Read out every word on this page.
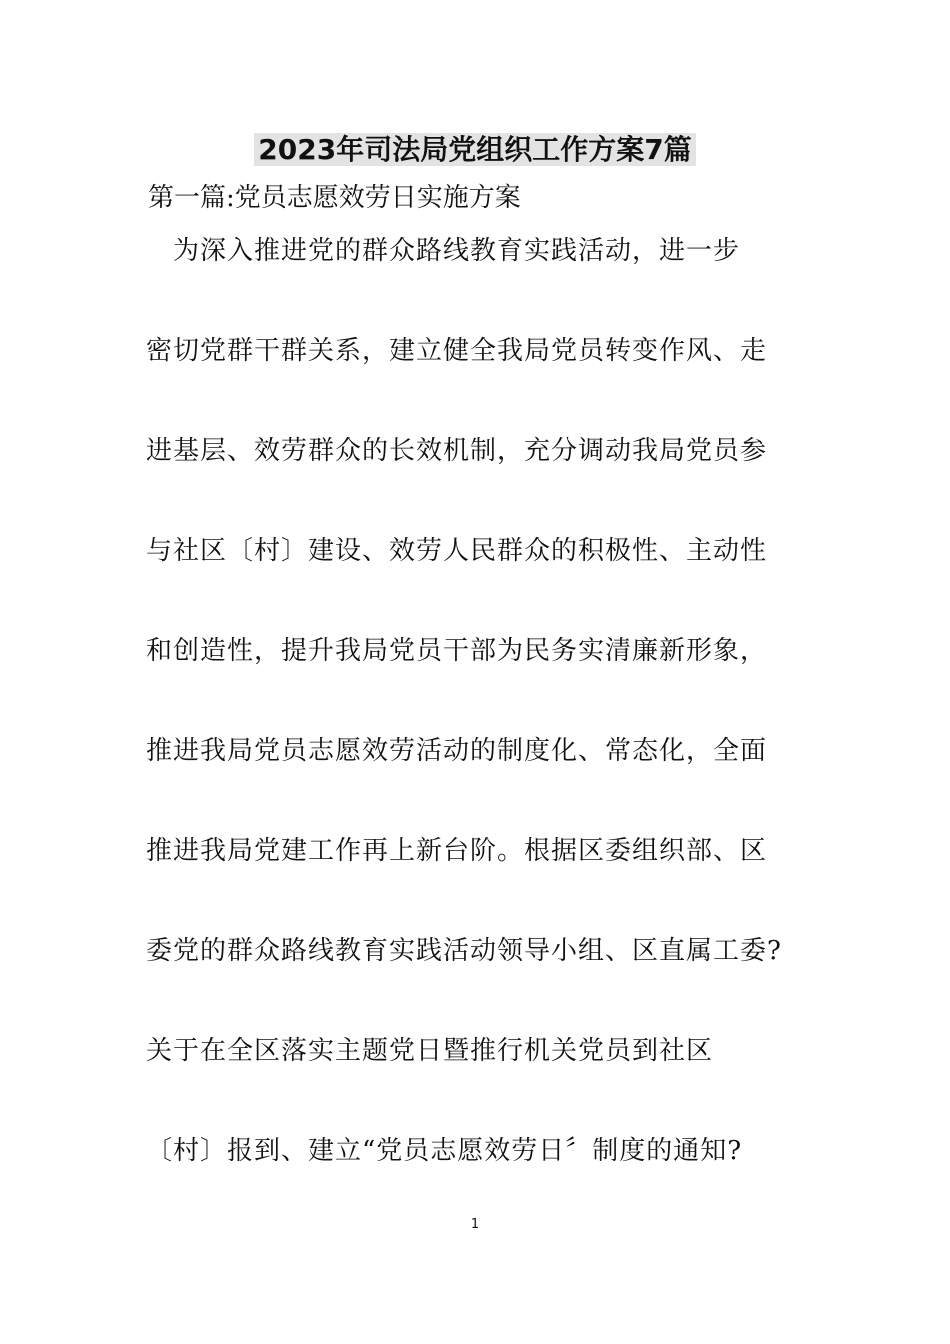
2023年司法局党组织工作方案7篇
第一篇:党员志愿效劳日实施方案
　为深入推进党的群众路线教育实践活动，进一步
密切党群干群关系，建立健全我局党员转变作风、走
进基层、效劳群众的长效机制，充分调动我局党员参
与社区〔村〕建设、效劳人民群众的积极性、主动性
和创造性，提升我局党员干部为民务实清廉新形象，
推进我局党员志愿效劳活动的制度化、常态化，全面
推进我局党建工作再上新台阶。根据区委组织部、区
委党的群众路线教育实践活动领导小组、区直属工委?
关于在全区落实主题党日暨推行机关党员到社区
〔村〕报到、建立“党员志愿效劳日〞制度的通知?
1
